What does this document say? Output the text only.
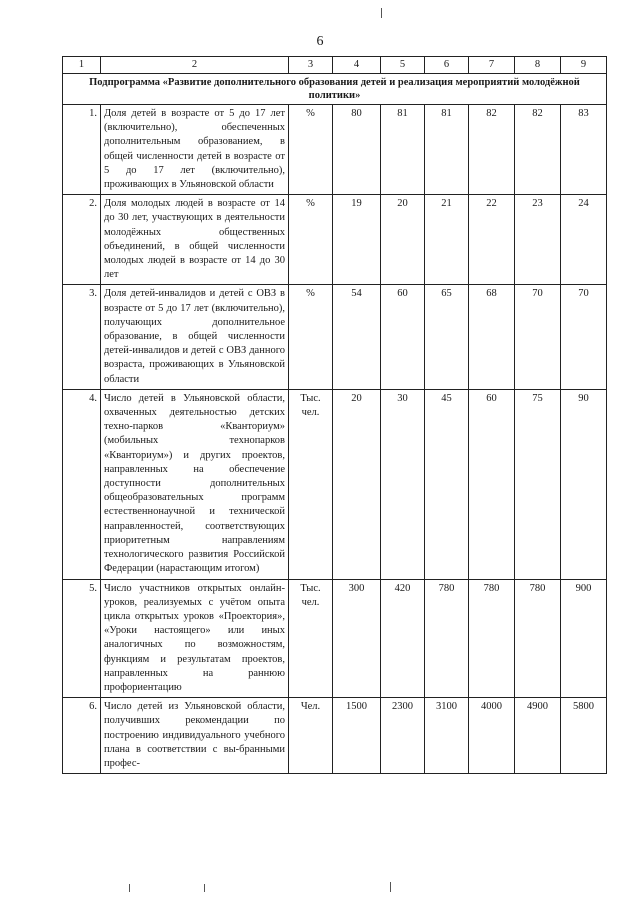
6
1	2	3	4	5	6	7	8	9
Подпрограмма «Развитие дополнительного образования детей и реализация мероприятий молодёжной политики»								
1.	Доля детей в возрасте от 5 до 17 лет (включительно), обеспеченных дополнительным образованием, в общей численности детей в возрасте от 5 до 17 лет (включительно), проживающих в Ульяновской области	%	80	81	81	82	82	83
2.	Доля молодых людей в возрасте от 14 до 30 лет, участвующих в деятельности молодёжных общественных объединений, в общей численности молодых людей в возрасте от 14 до 30 лет	%	19	20	21	22	23	24
3.	Доля детей-инвалидов и детей с ОВЗ в возрасте от 5 до 17 лет (включительно), получающих дополнительное образование, в общей численности детей-инвалидов и детей с ОВЗ данного возраста, проживающих в Ульяновской области	%	54	60	65	68	70	70
4.	Число детей в Ульяновской области, охваченных деятельностью детских техно-парков «Кванториум» (мобильных технопарков «Кванториум») и других проектов, направленных на обеспечение доступности дополнительных общеобразовательных программ естественнонаучной и технической направленностей, соответствующих приоритетным направлениям технологического развития Российской Федерации (нарастающим итогом)	Тыс. чел.	20	30	45	60	75	90
5.	Число участников открытых онлайн-уроков, реализуемых с учётом опыта цикла открытых уроков «Проектория», «Уроки настоящего» или иных аналогичных по возможностям, функциям и результатам проектов, направленных на раннюю профориентацию	Тыс. чел.	300	420	780	780	780	900
6.	Число детей из Ульяновской области, получивших рекомендации по построению индивидуального учебного плана в соответствии с вы-бранными профес-	Чел.	1500	2300	3100	4000	4900	5800
